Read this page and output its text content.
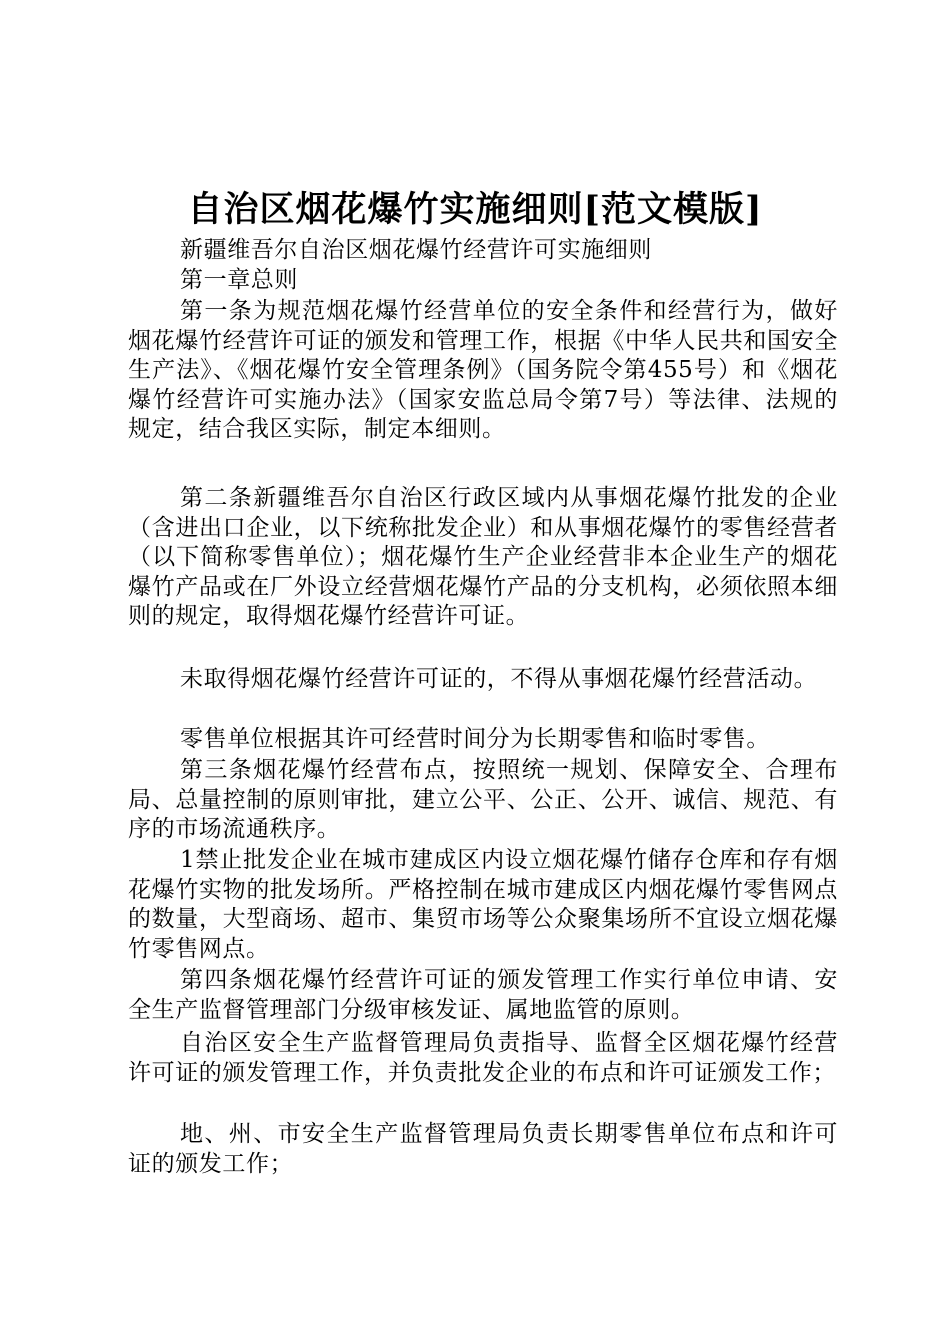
自治区烟花爆竹实施细则[范文模版]
新疆维吾尔自治区烟花爆竹经营许可实施细则
第一章总则
第一条为规范烟花爆竹经营单位的安全条件和经营行为，做好烟花爆竹经营许可证的颁发和管理工作，根据《中华人民共和国安全生产法》、《烟花爆竹安全管理条例》（国务院令第455号）和《烟花爆竹经营许可实施办法》（国家安监总局令第7号）等法律、法规的规定，结合我区实际，制定本细则。
第二条新疆维吾尔自治区行政区域内从事烟花爆竹批发的企业（含进出口企业，以下统称批发企业）和从事烟花爆竹的零售经营者（以下简称零售单位）；烟花爆竹生产企业经营非本企业生产的烟花爆竹产品或在厂外设立经营烟花爆竹产品的分支机构，必须依照本细则的规定，取得烟花爆竹经营许可证。
未取得烟花爆竹经营许可证的，不得从事烟花爆竹经营活动。
零售单位根据其许可经营时间分为长期零售和临时零售。
第三条烟花爆竹经营布点，按照统一规划、保障安全、合理布局、总量控制的原则审批，建立公平、公正、公开、诚信、规范、有序的市场流通秩序。
1禁止批发企业在城市建成区内设立烟花爆竹储存仓库和存有烟花爆竹实物的批发场所。严格控制在城市建成区内烟花爆竹零售网点的数量，大型商场、超市、集贸市场等公众聚集场所不宜设立烟花爆竹零售网点。
第四条烟花爆竹经营许可证的颁发管理工作实行单位申请、安全生产监督管理部门分级审核发证、属地监管的原则。
自治区安全生产监督管理局负责指导、监督全区烟花爆竹经营许可证的颁发管理工作，并负责批发企业的布点和许可证颁发工作；
地、州、市安全生产监督管理局负责长期零售单位布点和许可证的颁发工作；
